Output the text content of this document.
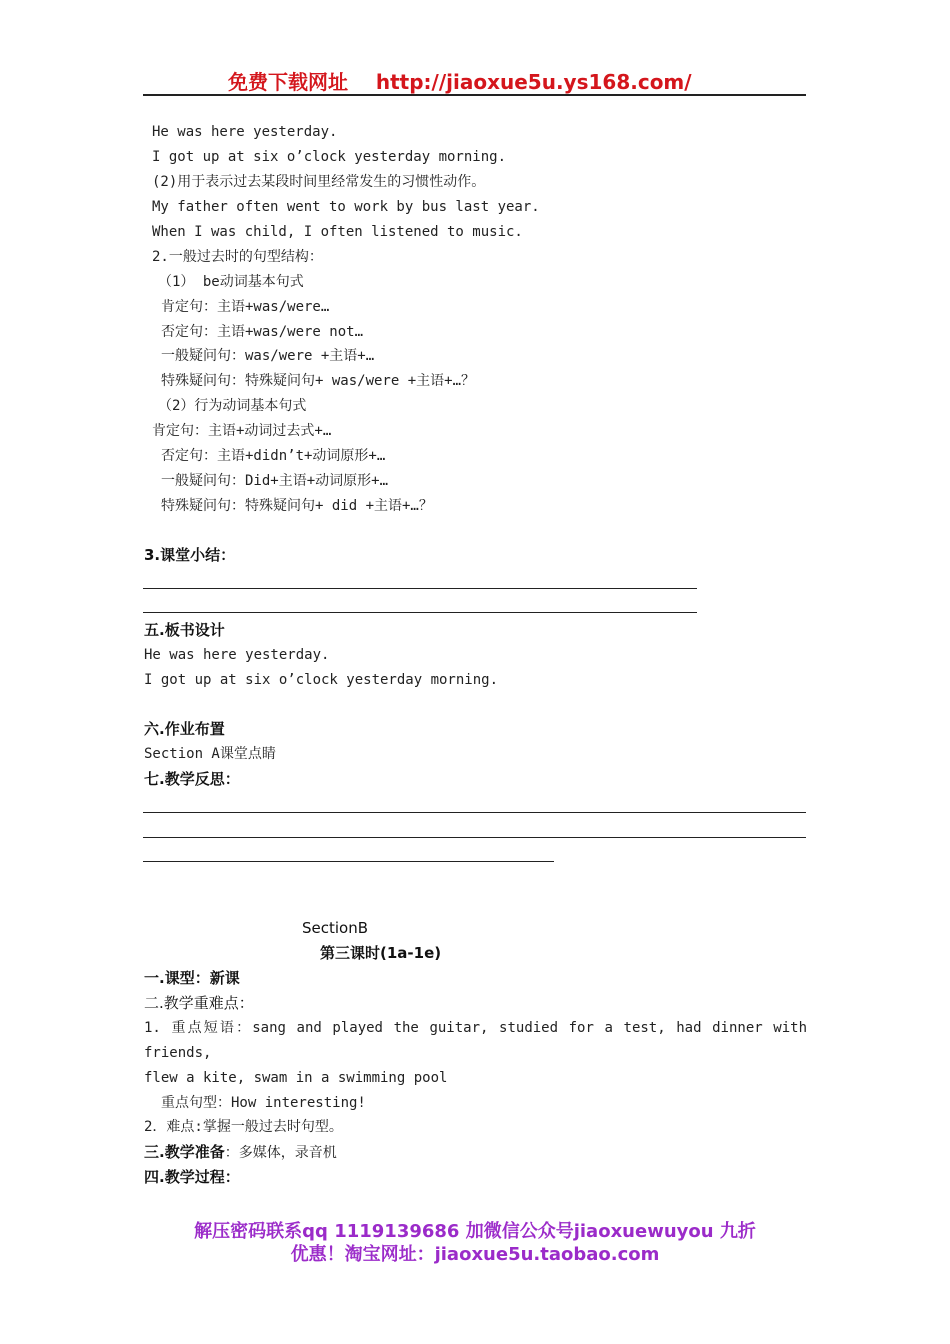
免费下载网址 http://jiaoxue5u.ys168.com/
He was here yesterday.
I got up at six o’clock yesterday morning.
(2)用于表示过去某段时间里经常发生的习惯性动作。
My father often went to work by bus last year.
When I was child, I often listened to music.
2.一般过去时的句型结构：
（1） be动词基本句式
肯定句：主语+was/were…
否定句：主语+was/were not…
一般疑问句：was/were +主语+…
特殊疑问句：特殊疑问句+ was/were +主语+…？
（2）行为动词基本句式
肯定句：主语+动词过去式+…
否定句：主语+didn’t+动词原形+…
一般疑问句：Did+主语+动词原形+…
特殊疑问句：特殊疑问句+ did +主语+…？
3.课堂小结：
五.板书设计
He was here yesterday.
I got up at six o’clock yesterday morning.
六.作业布置
Section A课堂点睛
七.教学反思：
SectionB
第三课时(1a-1e)
一.课型：新课
二.教学重难点：
1. 重点短语：sang and played the guitar, studied for a test, had dinner with
friends,
flew a kite, swam in a swimming pool
重点句型：How interesting!
2．难点:掌握一般过去时句型。
三.教学准备：多媒体，录音机
四.教学过程：
解压密码联系qq 1119139686 加微信公众号jiaoxuewuyou 九折
优惠！淘宝网址：jiaoxue5u.taobao.com
